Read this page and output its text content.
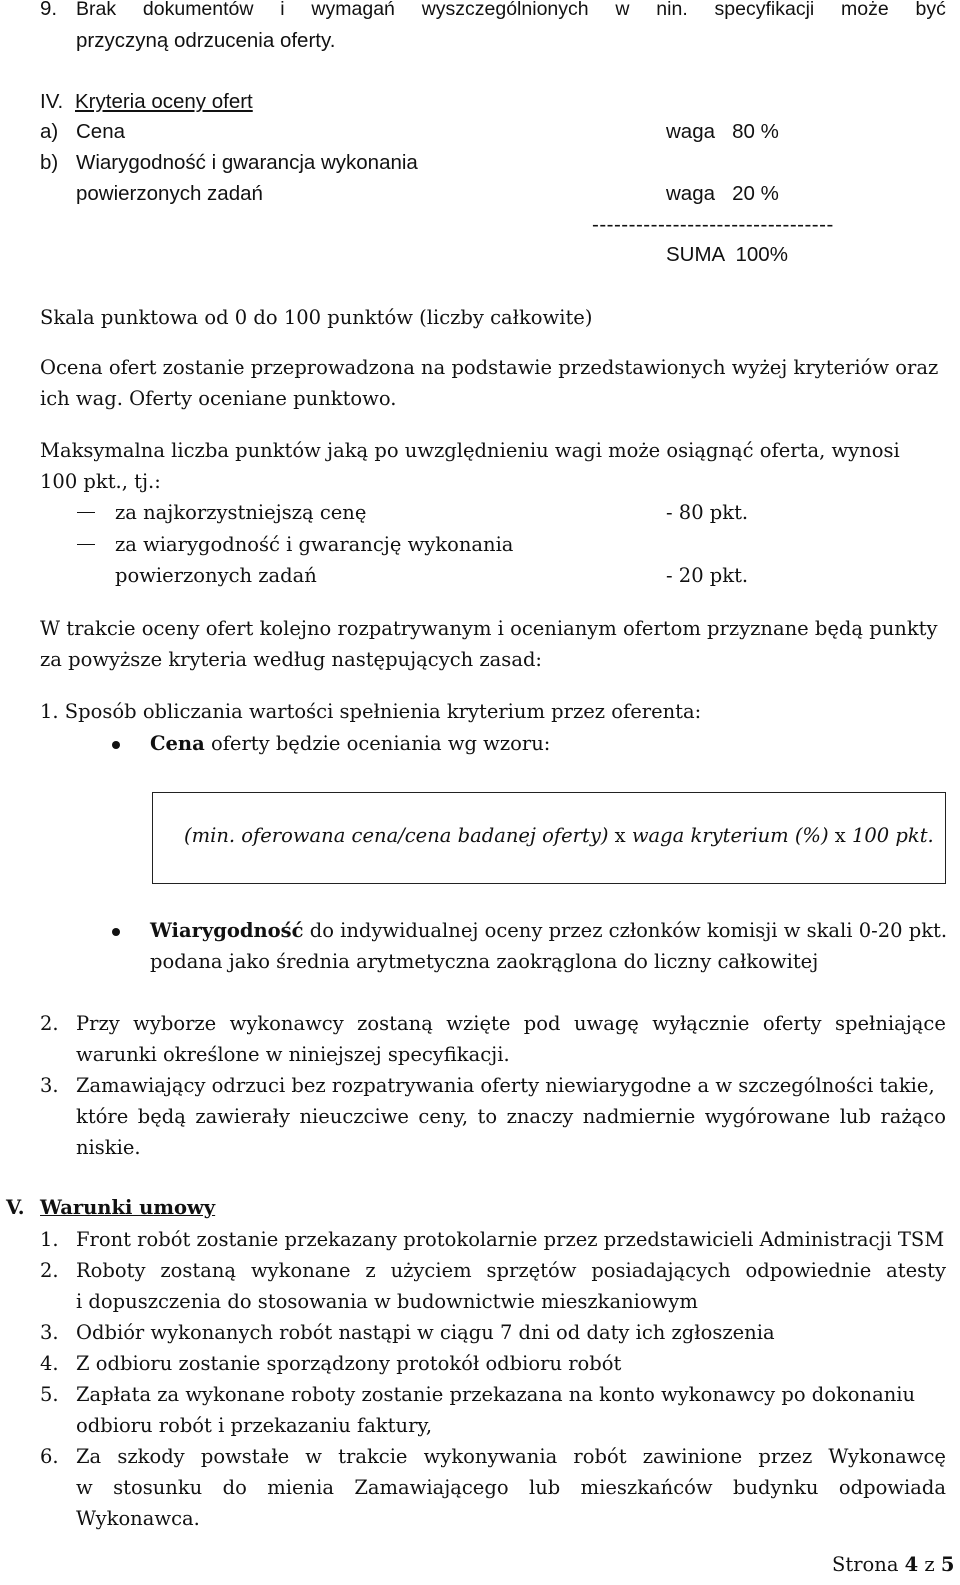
9. Brak dokumentów i wymagań wyszczególnionych w nin. specyfikacji może być
przyczyną odrzucenia oferty.
IV. Kryteria oceny ofert
a) Cena	waga   80 %
b) Wiarygodność i gwarancja wykonania
powierzonych zadań	waga   20 %
---------------------------------
SUMA  100%
Skala punktowa od 0 do 100 punktów (liczby całkowite)
Ocena ofert zostanie przeprowadzona na podstawie przedstawionych wyżej kryteriów oraz
ich wag. Oferty oceniane punktowo.
Maksymalna liczba punktów jaką po uwzględnieniu wagi może osiągnąć oferta, wynosi
100 pkt., tj.:
za najkorzystniejszą cenę	- 80 pkt.
za wiarygodność i gwarancję wykonania
powierzonych zadań	- 20 pkt.
W trakcie oceny ofert kolejno rozpatrywanym i ocenianym ofertom przyznane będą punkty
za powyższe kryteria według następujących zasad:
1. Sposób obliczania wartości spełnienia kryterium przez oferenta:
Cena oferty będzie oceniania wg wzoru:
(min. oferowana cena/cena badanej oferty) x waga kryterium (%) x 100 pkt.
Wiarygodność do indywidualnej oceny przez członków komisji w skali 0-20 pkt.
podana jako średnia arytmetyczna zaokrąglona do liczny całkowitej
2. Przy wyborze wykonawcy zostaną wzięte pod uwagę wyłącznie oferty spełniające
warunki określone w niniejszej specyfikacji.
3. Zamawiający odrzuci bez rozpatrywania oferty niewiarygodne a w szczególności takie,
które będą zawierały nieuczciwe ceny, to znaczy nadmiernie wygórowane lub rażąco
niskie.
V. Warunki umowy
1. Front robót zostanie przekazany protokolarnie przez przedstawicieli Administracji TSM
2. Roboty zostaną wykonane z użyciem sprzętów posiadających odpowiednie atesty
i dopuszczenia do stosowania w budownictwie mieszkaniowym
3. Odbiór wykonanych robót nastąpi w ciągu 7 dni od daty ich zgłoszenia
4. Z odbioru zostanie sporządzony protokół odbioru robót
5. Zapłata za wykonane roboty zostanie przekazana na konto wykonawcy po dokonaniu
odbioru robót i przekazaniu faktury,
6. Za szkody powstałe w trakcie wykonywania robót zawinione przez Wykonawcę
w stosunku do mienia Zamawiającego lub mieszkańców budynku odpowiada
Wykonawca.
Strona 4 z 5
